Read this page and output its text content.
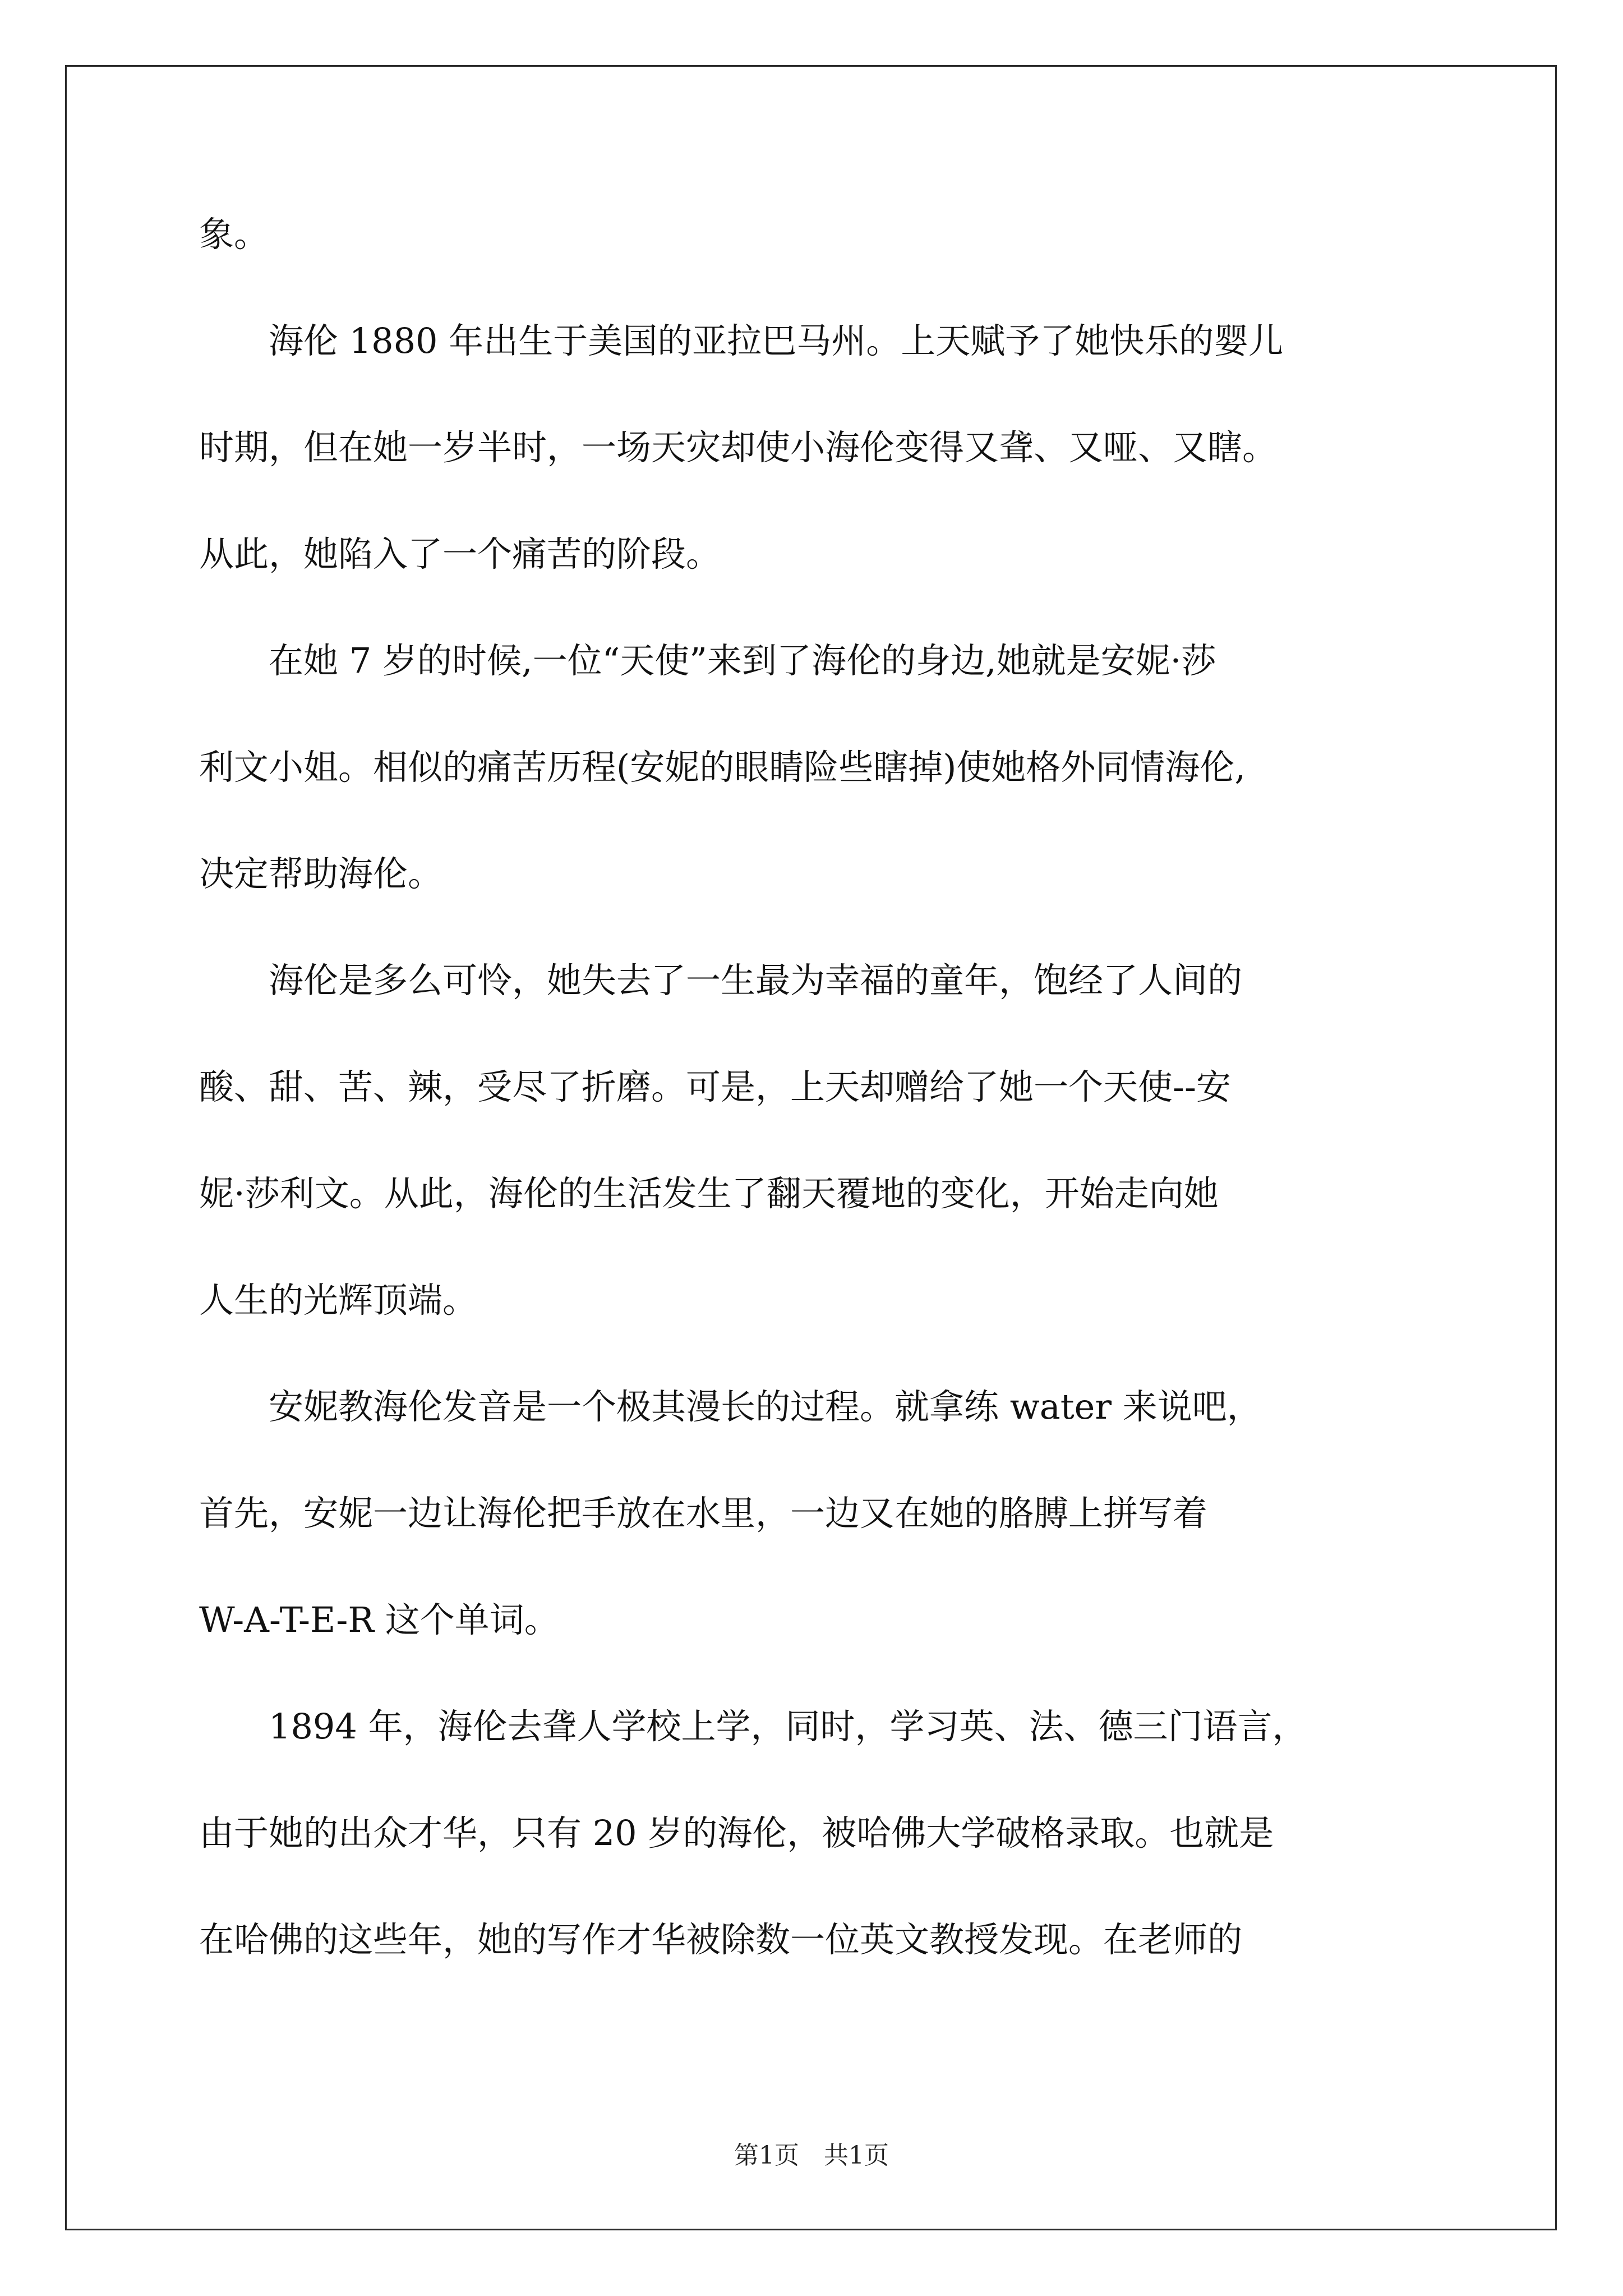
象。
　　海伦 1880 年出生于美国的亚拉巴马州。上天赋予了她快乐的婴儿
时期，但在她一岁半时，一场天灾却使小海伦变得又聋、又哑、又瞎。
从此，她陷入了一个痛苦的阶段。
　　在她 7 岁的时候,一位“天使”来到了海伦的身边,她就是安妮·莎
利文小姐。相似的痛苦历程(安妮的眼睛险些瞎掉)使她格外同情海伦,
决定帮助海伦。
　　海伦是多么可怜，她失去了一生最为幸福的童年，饱经了人间的
酸、甜、苦、辣，受尽了折磨。可是，上天却赠给了她一个天使--安
妮·莎利文。从此，海伦的生活发生了翻天覆地的变化，开始走向她
人生的光辉顶端。
　　安妮教海伦发音是一个极其漫长的过程。就拿练 water 来说吧，
首先，安妮一边让海伦把手放在水里，一边又在她的胳膊上拼写着
W-A-T-E-R 这个单词。
　　1894 年，海伦去聋人学校上学，同时，学习英、法、德三门语言，
由于她的出众才华，只有 20 岁的海伦，被哈佛大学破格录取。也就是
在哈佛的这些年，她的写作才华被除数一位英文教授发现。在老师的
第1页　共1页
